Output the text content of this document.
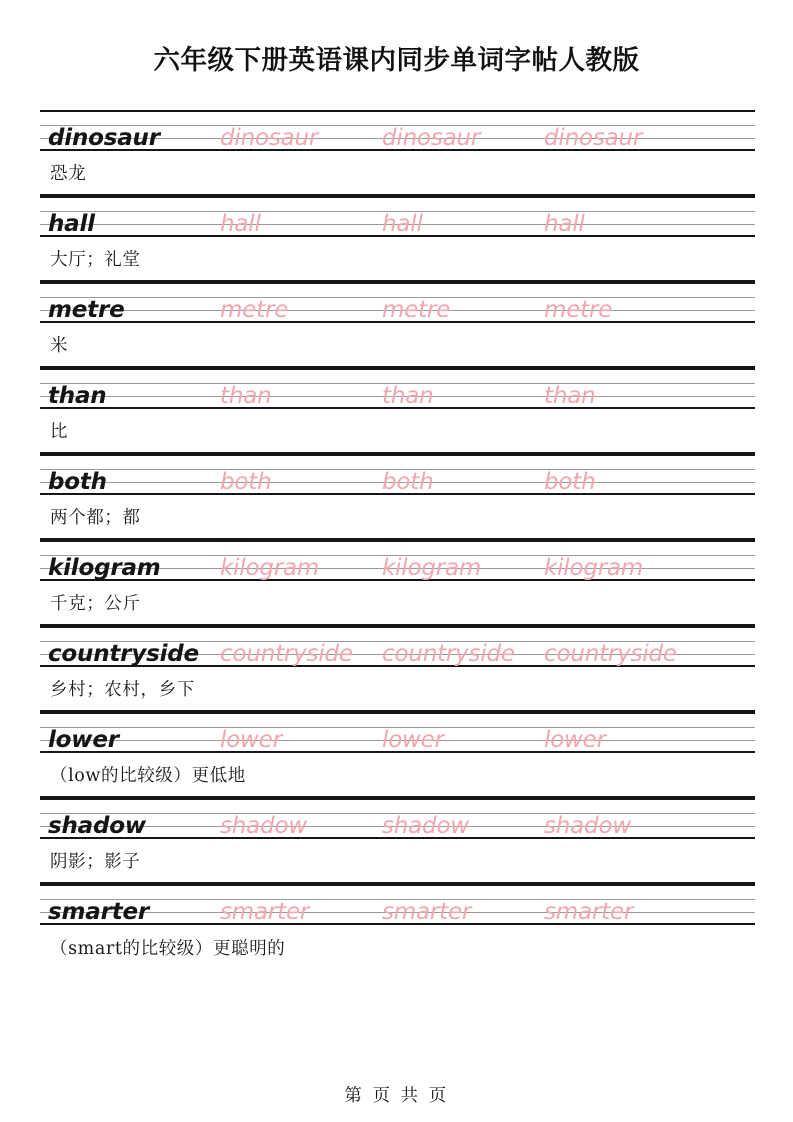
六年级下册英语课内同步单词字帖人教版
dinosaur	dinosaur	dinosaur	dinosaur
恐龙
hall	hall	hall	hall
大厅；礼堂
metre	metre	metre	metre
米
than	than	than	than
比
both	both	both	both
两个都；都
kilogram	kilogram	kilogram	kilogram
千克；公斤
countryside countryside countryside countryside
乡村；农村，乡下
lower	lower	lower	lower
（low的比较级）更低地
shadow	shadow	shadow	shadow
阴影；影子
smarter	smarter	smarter	smarter
（smart的比较级）更聪明的
第 页 共 页
